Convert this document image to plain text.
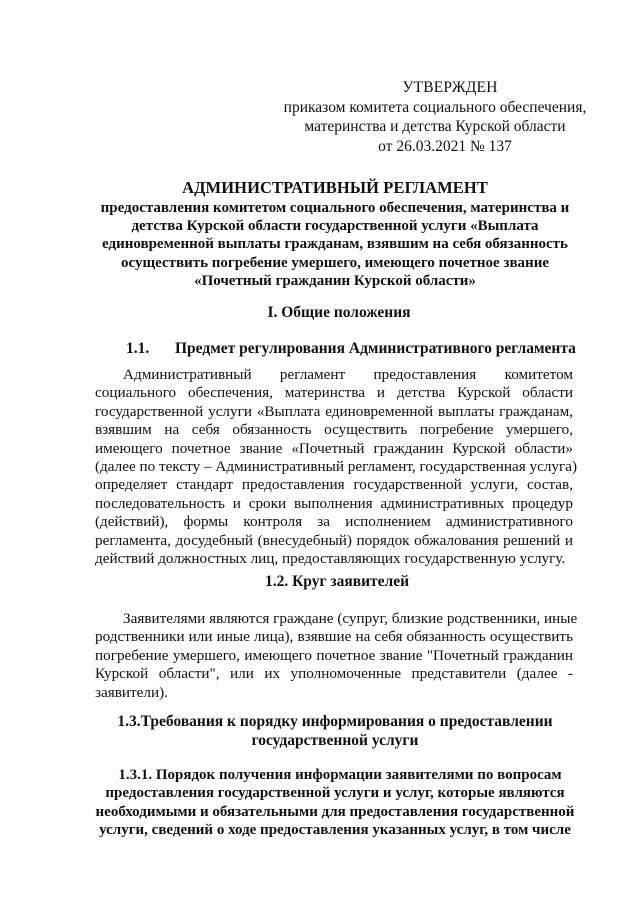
УТВЕРЖДЕН
приказом комитета социального обеспечения,
материнства и детства Курской области
от 26.03.2021 № 137
АДМИНИСТРАТИВНЫЙ РЕГЛАМЕНТ
предоставления комитетом социального обеспечения, материнства и
детства Курской области государственной услуги «Выплата
единовременной выплаты гражданам, взявшим на себя обязанность
осуществить погребение умершего, имеющего почетное звание
«Почетный гражданин Курской области»
I. Общие положения
1.1. Предмет регулирования Административного регламента
Административный регламент предоставления комитетом
социального обеспечения, материнства и детства Курской области
государственной услуги «Выплата единовременной выплаты гражданам,
взявшим на себя обязанность осуществить погребение умершего,
имеющего почетное звание «Почетный гражданин Курской области»
(далее по тексту – Административный регламент, государственная услуга)
определяет стандарт предоставления государственной услуги, состав,
последовательность и сроки выполнения административных процедур
(действий), формы контроля за исполнением административного
регламента, досудебный (внесудебный) порядок обжалования решений и
действий должностных лиц, предоставляющих государственную услугу.
1.2. Круг заявителей
Заявителями являются граждане (супруг, близкие родственники, иные
родственники или иные лица), взявшие на себя обязанность осуществить
погребение умершего, имеющего почетное звание "Почетный гражданин
Курской области", или их уполномоченные представители (далее -
заявители).
1.3.Требования к порядку информирования о предоставлении
государственной услуги
1.3.1. Порядок получения информации заявителями по вопросам
предоставления государственной услуги и услуг, которые являются
необходимыми и обязательными для предоставления государственной
услуги, сведений о ходе предоставления указанных услуг, в том числе
